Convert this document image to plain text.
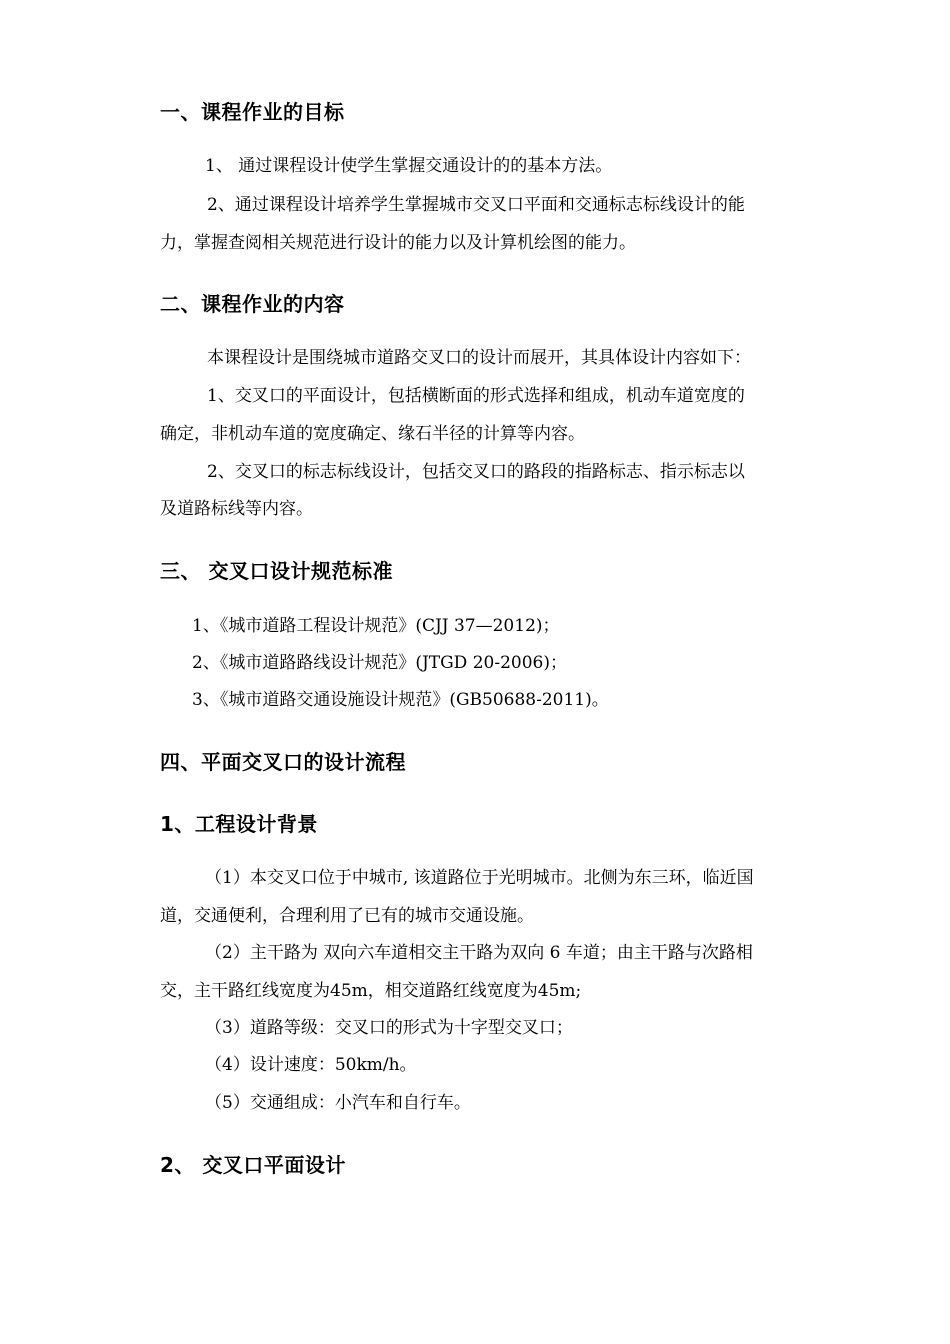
一、课程作业的目标
1、 通过课程设计使学生掌握交通设计的的基本方法。
2、通过课程设计培养学生掌握城市交叉口平面和交通标志标线设计的能
力，掌握查阅相关规范进行设计的能力以及计算机绘图的能力。
二、课程作业的内容
本课程设计是围绕城市道路交叉口的设计而展开，其具体设计内容如下：
1、交叉口的平面设计，包括横断面的形式选择和组成，机动车道宽度的
确定，非机动车道的宽度确定、缘石半径的计算等内容。
2、交叉口的标志标线设计，包括交叉口的路段的指路标志、指示标志以
及道路标线等内容。
三、 交叉口设计规范标准
1、《城市道路工程设计规范》(CJJ 37—2012)；
2、《城市道路路线设计规范》(JTGD 20-2006)；
3、《城市道路交通设施设计规范》(GB50688-2011)。
四、平面交叉口的设计流程
1、工程设计背景
（1）本交叉口位于中城市, 该道路位于光明城市。北侧为东三环，临近国
道，交通便利，合理利用了已有的城市交通设施。
（2）主干路为 双向六车道相交主干路为双向 6 车道；由主干路与次路相
交，主干路红线宽度为45m，相交道路红线宽度为45m;
（3）道路等级：交叉口的形式为十字型交叉口；
（4）设计速度：50km/h。
（5）交通组成：小汽车和自行车。
2、 交叉口平面设计
